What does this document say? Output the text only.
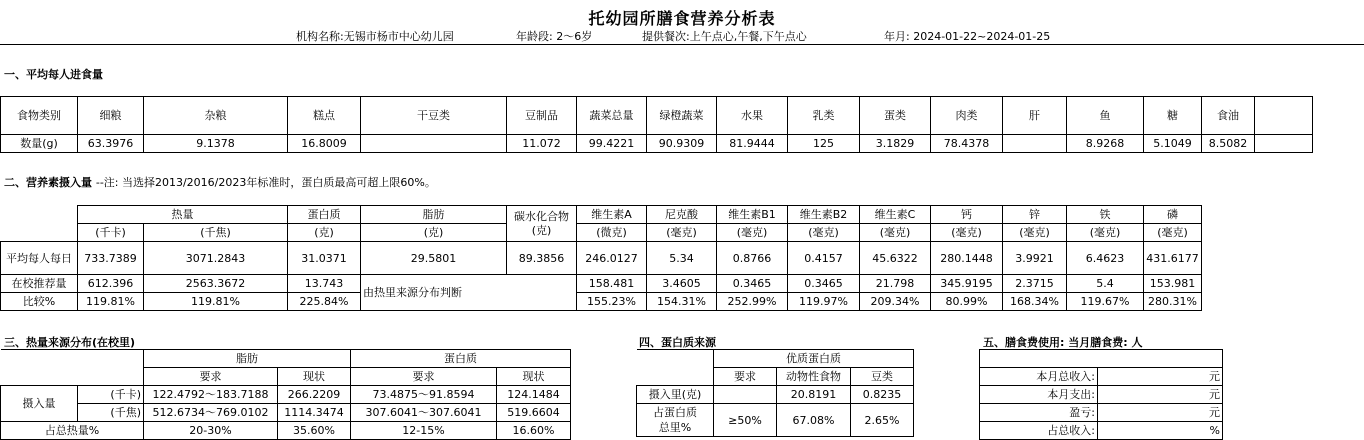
托幼园所膳食营养分析表
机构名称:无锡市杨市中心幼儿园	年龄段: 2～6岁	提供餐次:上午点心,午餐,下午点心	年月: 2024-01-22~2024-01-25
一、平均每人进食量
食物类别	细粮	杂粮	糕点	干豆类	豆制品	蔬菜总量	绿橙蔬菜	水果	乳类	蛋类	肉类	肝	鱼	糖	食油	
数量(g)	63.3976	9.1378	16.8009		11.072	99.4221	90.9309	81.9444	125	3.1829	78.4378		8.9268	5.1049	8.5082	
二、营养素摄入量 --注: 当选择2013/2016/2023年标准时，蛋白质最高可超上限60%。
	热量		蛋白质	脂肪	碳水化合物(克)	维生素A	尼克酸	维生素B1	维生素B2	维生素C	钙	锌	铁	磷
	(千卡)	(千焦)	(克)	(克)		(微克)	(毫克)	(毫克)	(毫克)	(毫克)	(毫克)	(毫克)	(毫克)	(毫克)
平均每人每日	733.7389	3071.2843	31.0371	29.5801	89.3856	246.0127	5.34	0.8766	0.4157	45.6322	280.1448	3.9921	6.4623	431.6177
在校推荐量	612.396	2563.3672	13.743	由热里来源分布判断		158.481	3.4605	0.3465	0.3465	21.798	345.9195	2.3715	5.4	153.981
比较%	119.81%	119.81%	225.84%			155.23%	154.31%	252.99%	119.97%	209.34%	80.99%	168.34%	119.67%	280.31%
三、热量来源分布(在校里)
		脂肪		蛋白质	
		要求	现状	要求	现状
摄入量	(千卡)	122.4792～183.7188	266.2209	73.4875～91.8594	124.1484
	(千焦)	512.6734～769.0102	1114.3474	307.6041～307.6041	519.6604
占总热量%		20-30%	35.60%	12-15%	16.60%
四、蛋白质来源
	优质蛋白质		
	要求	动物性食物	豆类
摄入里(克)		20.8191	0.8235
占蛋白质
总里%	≥50%	67.08%	2.65%
五、膳食费使用: 当月膳食费: 人

本月总收入:	元
本月支出:	元
盈亏:	元
占总收入:	%
